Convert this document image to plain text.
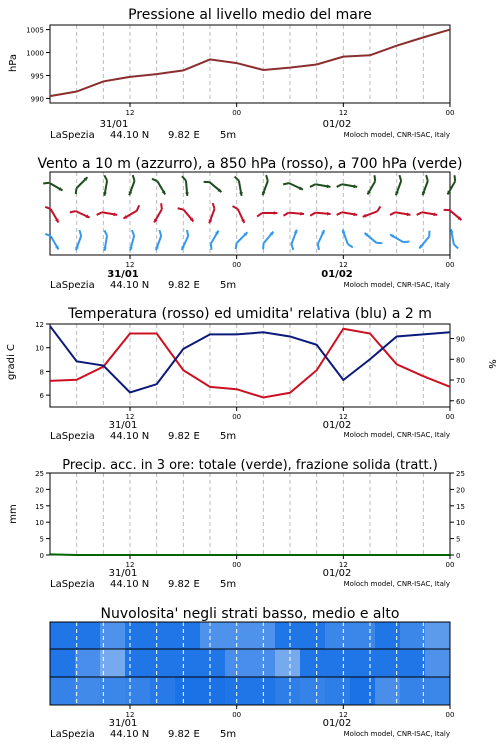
Pressione al livello medio del mare
hPa
990
995
1000
1005
12	00	12	00
31/01	01/02
LaSpezia 44.10 N 9.82 E 5m	Moloch model, CNR-ISAC, Italy
Vento a 10 m (azzurro), a 850 hPa (rosso), a 700 hPa (verde)
12	00	12	00
31/01	01/02
LaSpezia 44.10 N 9.82 E 5m	Moloch model, CNR-ISAC, Italy
Temperatura (rosso) ed umidita' relativa (blu) a 2 m
gradi C	%
6
8
10
12
60
70
80
90
12	00	12	00
31/01	01/02
LaSpezia 44.10 N 9.82 E 5m	Moloch model, CNR-ISAC, Italy
Precip. acc. in 3 ore: totale (verde), frazione solida (tratt.)
mm
0
5
10
15
20
25
0
5
10
15
20
25
12	00	12	00
31/01	01/02
LaSpezia 44.10 N 9.82 E 5m	Moloch model, CNR-ISAC, Italy
Nuvolosita' negli strati basso, medio e alto
12	00	12	00
31/01	01/02
LaSpezia 44.10 N 9.82 E 5m	Moloch model, CNR-ISAC, Italy
